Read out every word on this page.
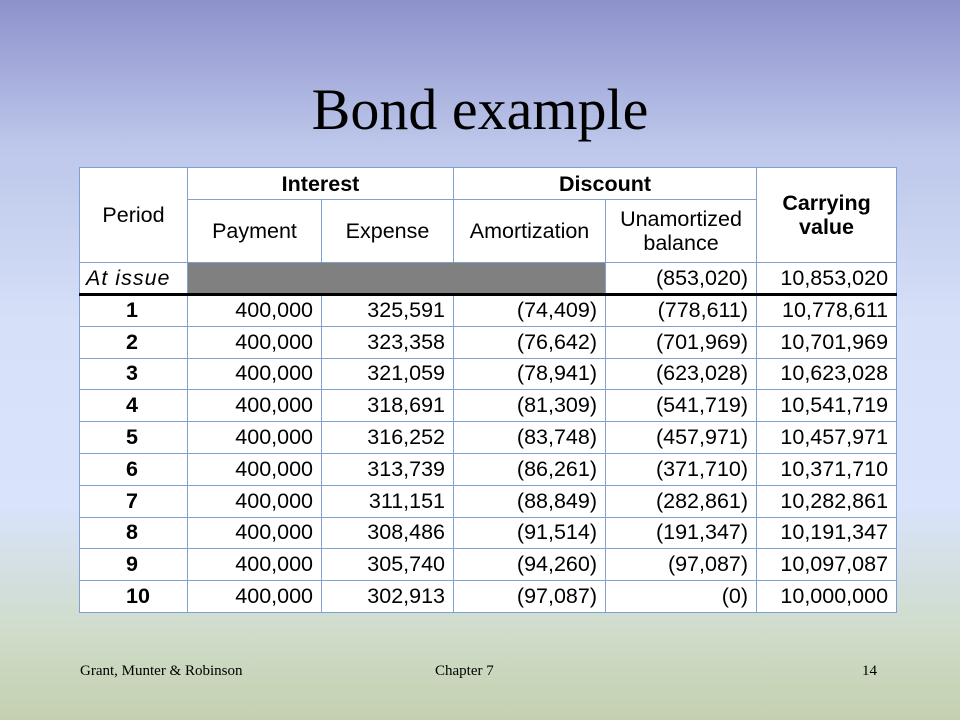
Bond example
Period	Interest		Discount		Carrying
value

	Payment	Expense	Amortization	Unamortized
balance	

At issue				(853,020)	10,853,020
1	400,000	325,591	(74,409)	(778,611)	10,778,611
2	400,000	323,358	(76,642)	(701,969)	10,701,969
3	400,000	321,059	(78,941)	(623,028)	10,623,028
4	400,000	318,691	(81,309)	(541,719)	10,541,719
5	400,000	316,252	(83,748)	(457,971)	10,457,971
6	400,000	313,739	(86,261)	(371,710)	10,371,710
7	400,000	311,151	(88,849)	(282,861)	10,282,861
8	400,000	308,486	(91,514)	(191,347)	10,191,347
9	400,000	305,740	(94,260)	(97,087)	10,097,087
10	400,000	302,913	(97,087)	(0)	10,000,000
Grant, Munter & Robinson	Chapter 7	14
